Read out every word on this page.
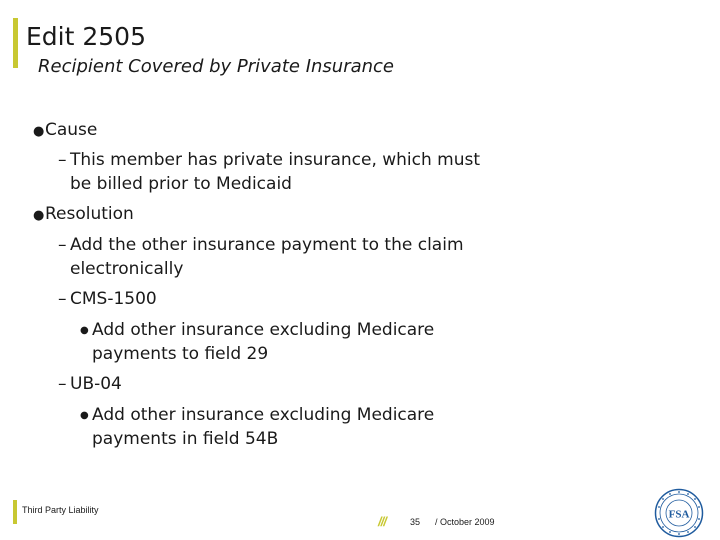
Edit 2505
Recipient Covered by Private Insurance
●Cause
– This member has private insurance, which must
be billed prior to Medicaid
●Resolution
– Add the other insurance payment to the claim
electronically
– CMS-1500
● Add other insurance excluding Medicare
payments to field 29
– UB-04
● Add other insurance excluding Medicare
payments in field 54B
Third Party Liability
///	35 / October 2009
FSA
